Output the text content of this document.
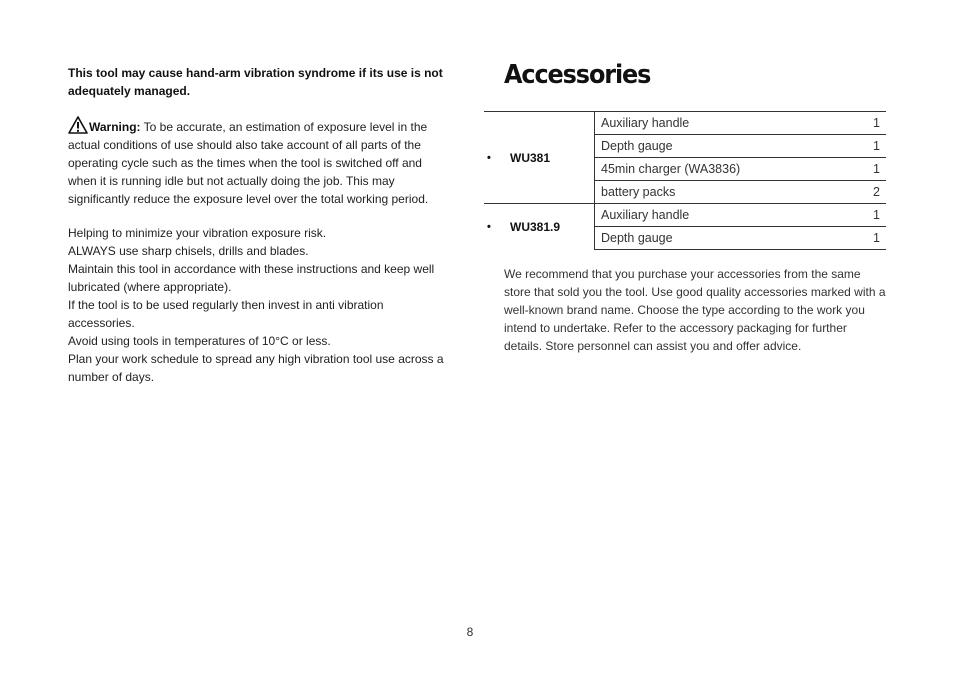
This tool may cause hand-arm vibration syndrome if its use is not adequately managed.

Warning: To be accurate, an estimation of exposure level in the actual conditions of use should also take account of all parts of the operating cycle such as the times when the tool is switched off and when it is running idle but not actually doing the job. This may significantly reduce the exposure level over the total working period.

Helping to minimize your vibration exposure risk.

ALWAYS use sharp chisels, drills and blades.

Maintain this tool in accordance with these instructions and keep well lubricated (where appropriate).

If the tool is to be used regularly then invest in anti vibration accessories.

Avoid using tools in temperatures of 10°C or less.

Plan your work schedule to spread any high vibration tool use across a number of days.

Accessories
• WU381	Auxiliary handle	1
	Depth gauge	1
	45min charger (WA3836)	1
	battery packs	2

• WU381.9	Auxiliary handle	1
	Depth gauge	1

We recommend that you purchase your accessories from the same store that sold you the tool. Use good quality accessories marked with a well-known brand name. Choose the type according to the work you intend to undertake. Refer to the accessory packaging for further details. Store personnel can assist you and offer advice.

8
